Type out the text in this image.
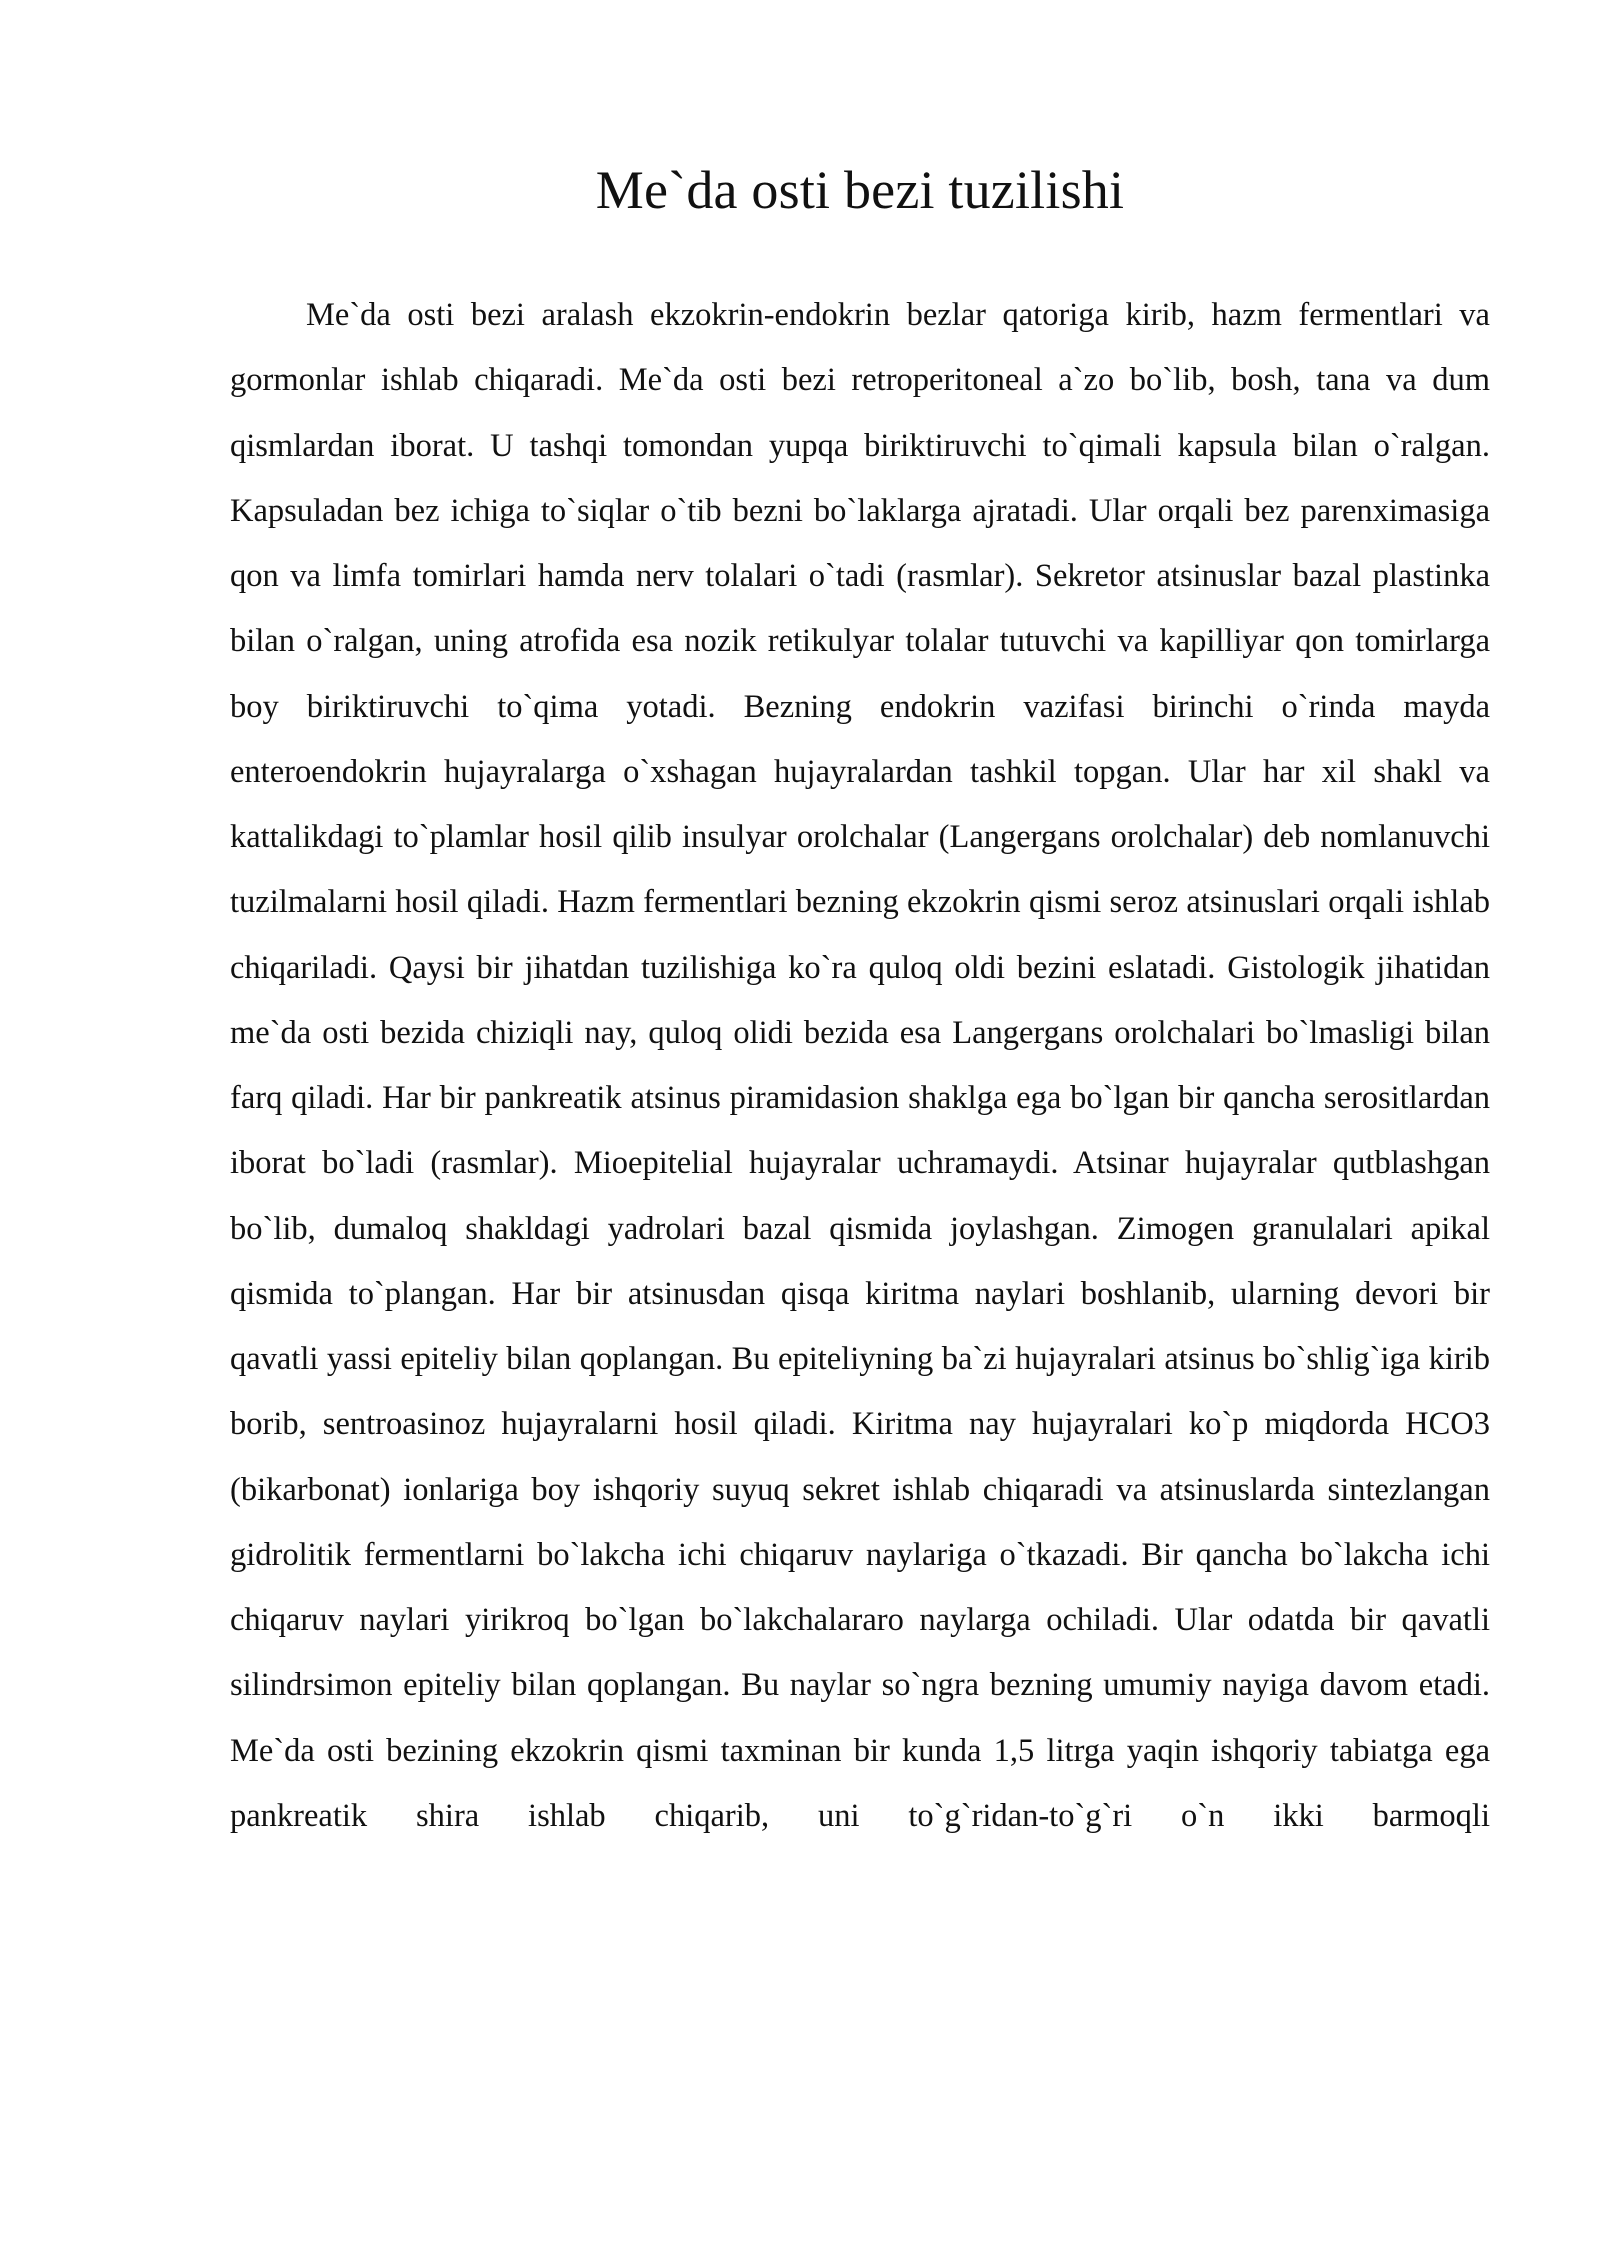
Me`da osti bezi tuzilishi

Me`da osti bezi aralash ekzokrin-endokrin bezlar qatoriga kirib, hazm fermentlari va gormonlar ishlab chiqaradi. Me`da osti bezi retroperitoneal a`zo bo`lib, bosh, tana va dum qismlardan iborat. U tashqi tomondan yupqa biriktiruvchi to`qimali kapsula bilan o`ralgan. Kapsuladan bez ichiga to`siqlar o`tib bezni bo`laklarga ajratadi. Ular orqali bez parenximasiga qon va limfa tomirlari hamda nerv tolalari o`tadi (rasmlar). Sekretor atsinuslar bazal plastinka bilan o`ralgan, uning atrofida esa nozik retikulyar tolalar tutuvchi va kapilliyar qon tomirlarga boy biriktiruvchi to`qima yotadi. Bezning endokrin vazifasi birinchi o`rinda mayda enteroendokrin hujayralarga o`xshagan hujayralardan tashkil topgan. Ular har xil shakl va kattalikdagi to`plamlar hosil qilib insulyar orolchalar (Langergans orolchalar) deb nomlanuvchi tuzilmalarni hosil qiladi. Hazm fermentlari bezning ekzokrin qismi seroz atsinuslari orqali ishlab chiqariladi. Qaysi bir jihatdan tuzilishiga ko`ra quloq oldi bezini eslatadi. Gistologik jihatidan me`da osti bezida chiziqli nay, quloq olidi bezida esa Langergans orolchalari bo`lmasligi bilan farq qiladi. Har bir pankreatik atsinus piramidasion shaklga ega bo`lgan bir qancha serositlardan iborat bo`ladi (rasmlar). Mioepitelial hujayralar uchramaydi. Atsinar hujayralar qutblashgan bo`lib, dumaloq shakldagi yadrolari bazal qismida joylashgan. Zimogen granulalari apikal qismida to`plangan. Har bir atsinusdan qisqa kiritma naylari boshlanib, ularning devori bir qavatli yassi epiteliy bilan qoplangan. Bu epiteliyning ba`zi hujayralari atsinus bo`shlig`iga kirib borib, sentroasinoz hujayralarni hosil qiladi. Kiritma nay hujayralari ko`p miqdorda HCO3 (bikarbonat) ionlariga boy ishqoriy suyuq sekret ishlab chiqaradi va atsinuslarda sintezlangan gidrolitik fermentlarni bo`lakcha ichi chiqaruv naylariga o`tkazadi. Bir qancha bo`lakcha ichi chiqaruv naylari yirikroq bo`lgan bo`lakchalararo naylarga ochiladi. Ular odatda bir qavatli silindrsimon epiteliy bilan qoplangan. Bu naylar so`ngra bezning umumiy nayiga davom etadi. Me`da osti bezining ekzokrin qismi taxminan bir kunda 1,5 litrga yaqin ishqoriy tabiatga ega pankreatik shira ishlab chiqarib, uni to`g`ridan-to`g`ri o`n ikki barmoqli
